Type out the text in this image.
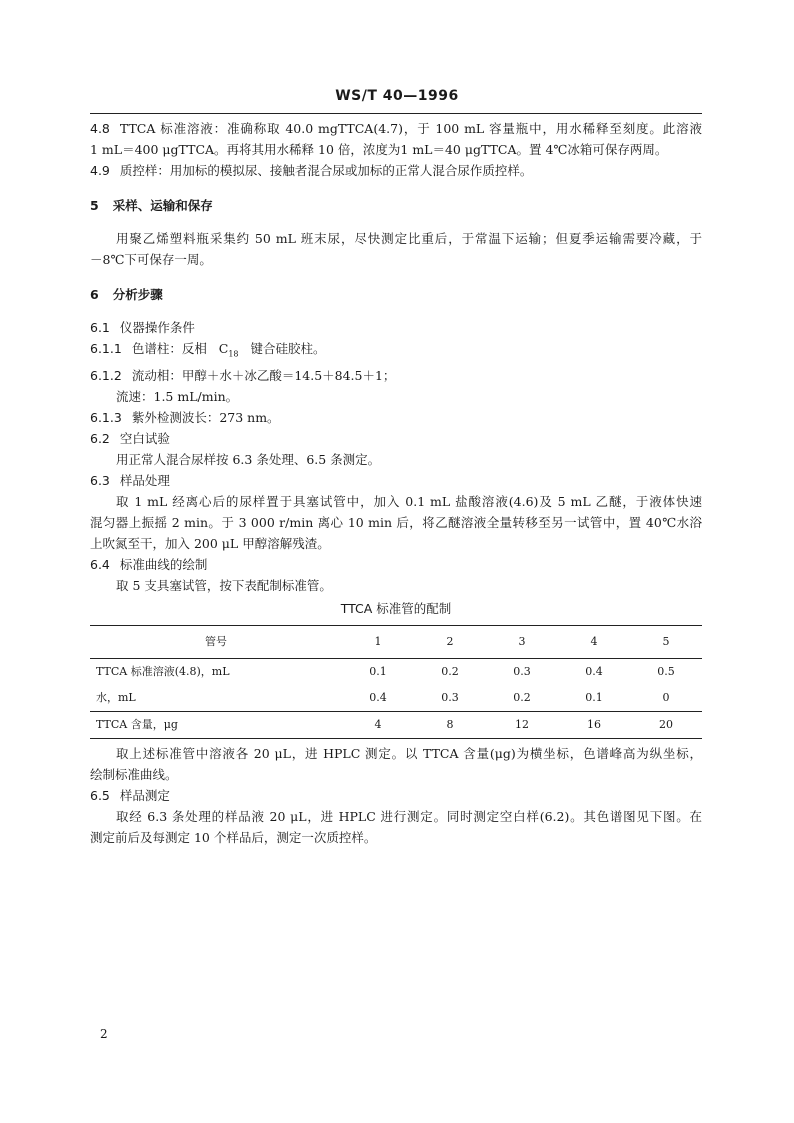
WS/T 40—1996

4.8 TTCA 标准溶液：准确称取 40.0 mgTTCA(4.7)，于 100 mL 容量瓶中，用水稀释至刻度。此溶液

1 mL＝400 μgTTCA。再将其用水稀释 10 倍，浓度为1 mL＝40 μgTTCA。置 4℃冰箱可保存两周。

4.9 质控样：用加标的模拟尿、接触者混合尿或加标的正常人混合尿作质控样。

5 采样、运输和保存

用聚乙烯塑料瓶采集约 50 mL 班末尿，尽快测定比重后，于常温下运输；但夏季运输需要冷藏，于

－8℃下可保存一周。

6 分析步骤

6.1 仪器操作条件

6.1.1 色谱柱：反相 $C_{18}$ 键合硅胶柱。

6.1.2 流动相：甲醇＋水＋冰乙酸＝14.5＋84.5＋1；

流速：1.5 mL/min。

6.1.3 紫外检测波长：273 nm。

6.2 空白试验

用正常人混合尿样按 6.3 条处理、6.5 条测定。

6.3 样品处理

取 1 mL 经离心后的尿样置于具塞试管中，加入 0.1 mL 盐酸溶液(4.6)及 5 mL 乙醚，于液体快速

混匀器上振摇 2 min。于 3 000 r/min 离心 10 min 后，将乙醚溶液全量转移至另一试管中，置 40℃水浴

上吹氮至干，加入 200 μL 甲醇溶解残渣。

6.4 标准曲线的绘制

取 5 支具塞试管，按下表配制标准管。

TTCA 标准管的配制
管号	1	2	3	4	5
TTCA 标准溶液(4.8)，mL	0.1	0.2	0.3	0.4	0.5
水，mL	0.4	0.3	0.2	0.1	0
TTCA 含量，μg	4	8	12	16	20

取上述标准管中溶液各 20 μL，进 HPLC 测定。以 TTCA 含量(μg)为横坐标，色谱峰高为纵坐标，

绘制标准曲线。

6.5 样品测定

取经 6.3 条处理的样品液 20 μL，进 HPLC 进行测定。同时测定空白样(6.2)。其色谱图见下图。在

测定前后及每测定 10 个样品后，测定一次质控样。

2
